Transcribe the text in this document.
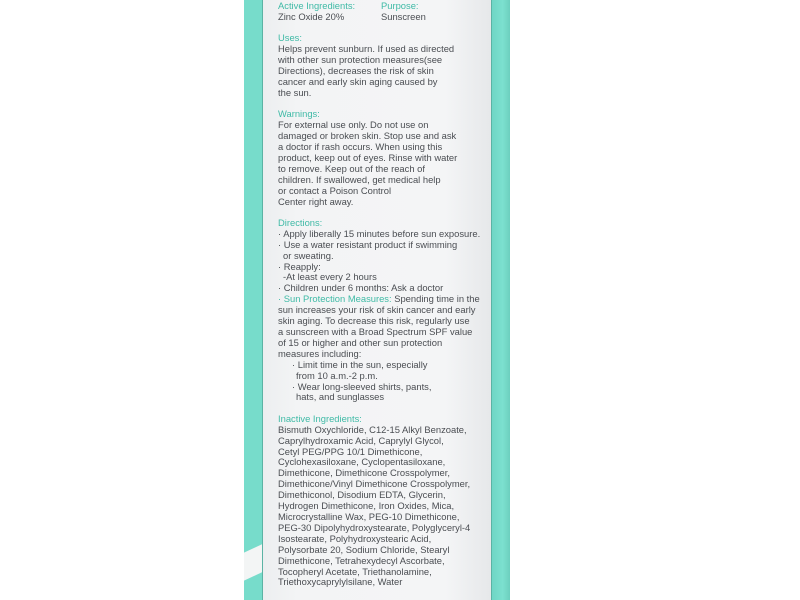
Active Ingredients:
Zinc Oxide 20%
Purpose:
Sunscreen
Uses:
Helps prevent sunburn. If used as directed
with other sun protection measures(see
Directions), decreases the risk of skin
cancer and early skin aging caused by
the sun.
Warnings:
For external use only. Do not use on
damaged or broken skin. Stop use and ask
a doctor if rash occurs. When using this
product, keep out of eyes. Rinse with water
to remove. Keep out of the reach of
children. If swallowed, get medical help
or contact a Poison Control
Center right away.
Directions:
· Apply liberally 15 minutes before sun exposure.
· Use a water resistant product if swimming
or sweating.
· Reapply:
-At least every 2 hours
· Children under 6 months: Ask a doctor
· Sun Protection Measures: Spending time in the
sun increases your risk of skin cancer and early
skin aging. To decrease this risk, regularly use
a sunscreen with a Broad Spectrum SPF value
of 15 or higher and other sun protection
measures including:
· Limit time in the sun, especially
from 10 a.m.-2 p.m.
· Wear long-sleeved shirts, pants,
hats, and sunglasses
Inactive Ingredients:
Bismuth Oxychloride, C12-15 Alkyl Benzoate,
Caprylhydroxamic Acid, Caprylyl Glycol,
Cetyl PEG/PPG 10/1 Dimethicone,
Cyclohexasiloxane, Cyclopentasiloxane,
Dimethicone, Dimethicone Crosspolymer,
Dimethicone/Vinyl Dimethicone Crosspolymer,
Dimethiconol, Disodium EDTA, Glycerin,
Hydrogen Dimethicone, Iron Oxides, Mica,
Microcrystalline Wax, PEG-10 Dimethicone,
PEG-30 Dipolyhydroxystearate, Polyglyceryl-4
Isostearate, Polyhydroxystearic Acid,
Polysorbate 20, Sodium Chloride, Stearyl
Dimethicone, Tetrahexydecyl Ascorbate,
Tocopheryl Acetate, Triethanolamine,
Triethoxycaprylylsilane, Water
